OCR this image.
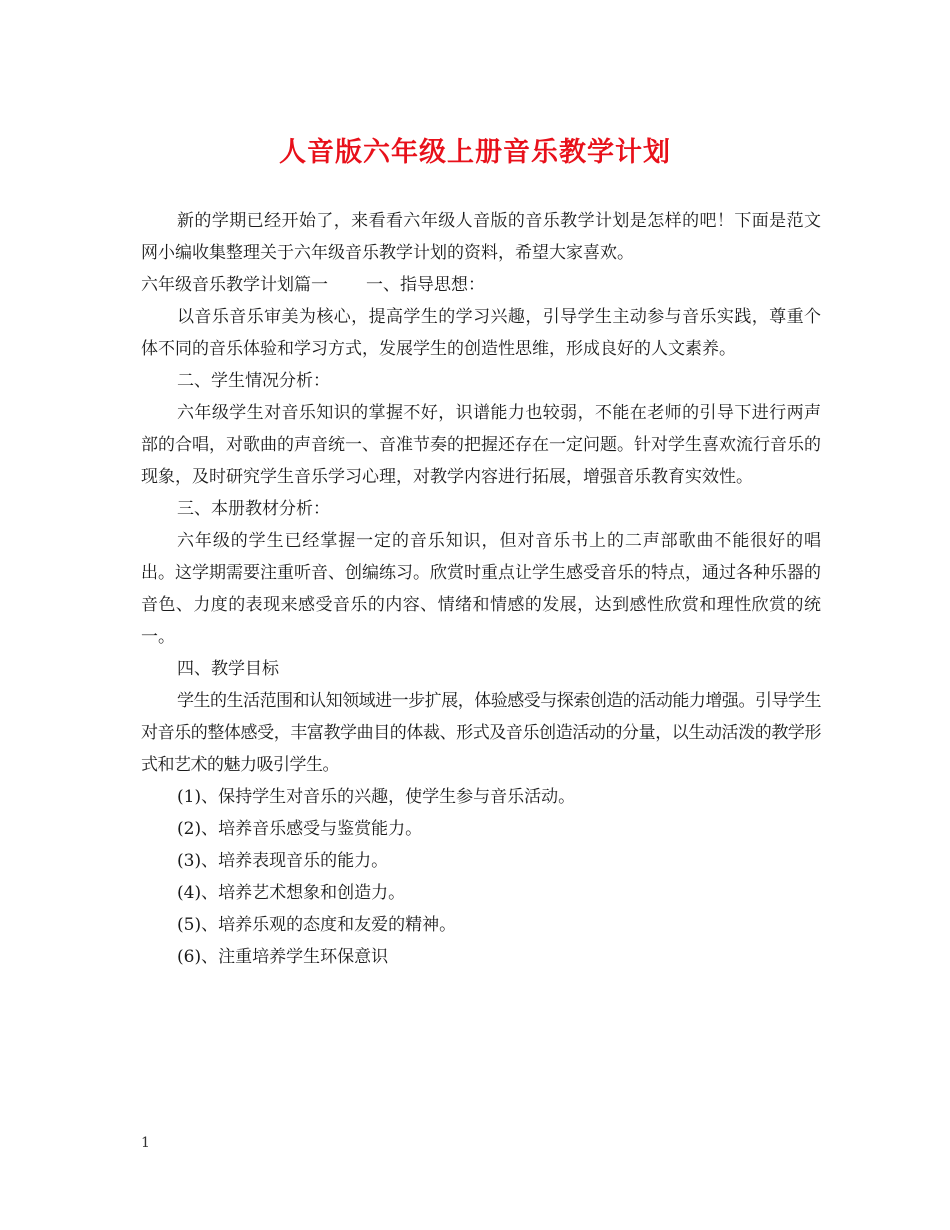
人音版六年级上册音乐教学计划

新的学期已经开始了，来看看六年级人音版的音乐教学计划是怎样的吧！下面是范文网小编收集整理关于六年级音乐教学计划的资料，希望大家喜欢。

六年级音乐教学计划篇一 一、指导思想：

以音乐音乐审美为核心，提高学生的学习兴趣，引导学生主动参与音乐实践，尊重个体不同的音乐体验和学习方式，发展学生的创造性思维，形成良好的人文素养。

二、学生情况分析：

六年级学生对音乐知识的掌握不好，识谱能力也较弱，不能在老师的引导下进行两声部的合唱，对歌曲的声音统一、音准节奏的把握还存在一定问题。针对学生喜欢流行音乐的现象，及时研究学生音乐学习心理，对教学内容进行拓展，增强音乐教育实效性。

三、本册教材分析：

六年级的学生已经掌握一定的音乐知识，但对音乐书上的二声部歌曲不能很好的唱出。这学期需要注重听音、创编练习。欣赏时重点让学生感受音乐的特点，通过各种乐器的音色、力度的表现来感受音乐的内容、情绪和情感的发展，达到感性欣赏和理性欣赏的统一。

四、教学目标

学生的生活范围和认知领域进一步扩展，体验感受与探索创造的活动能力增强。引导学生对音乐的整体感受，丰富教学曲目的体裁、形式及音乐创造活动的分量，以生动活泼的教学形式和艺术的魅力吸引学生。

(1)、保持学生对音乐的兴趣，使学生参与音乐活动。

(2)、培养音乐感受与鉴赏能力。

(3)、培养表现音乐的能力。

(4)、培养艺术想象和创造力。

(5)、培养乐观的态度和友爱的精神。

(6)、注重培养学生环保意识

1
